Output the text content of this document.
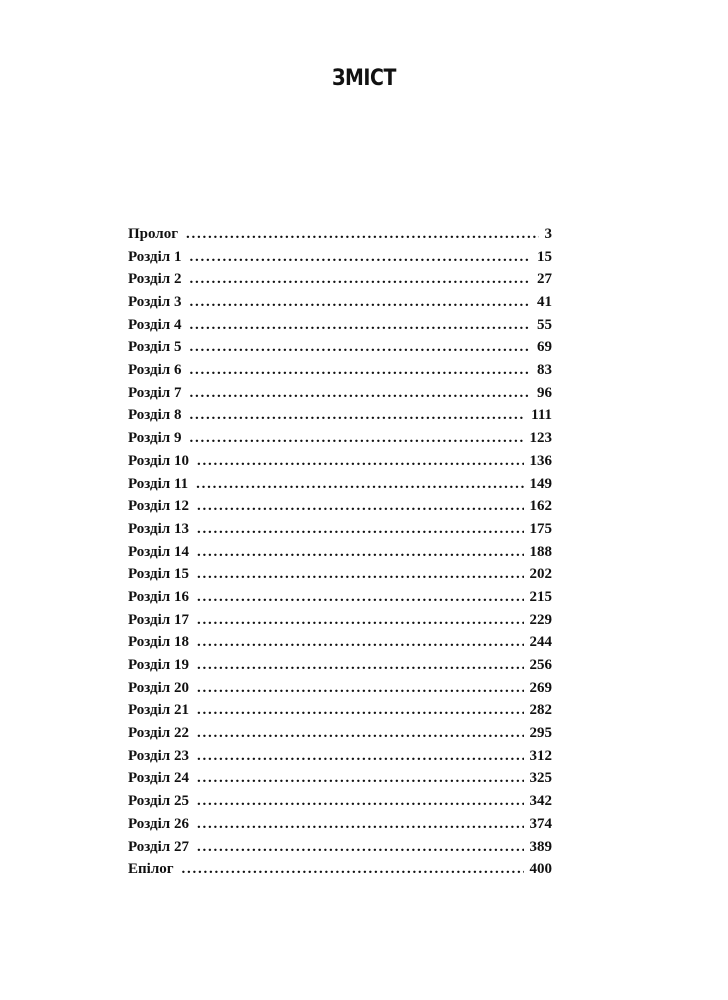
ЗМІСТ
Пролог . . .	3
Розділ 1 . . .	15
Розділ 2 . . .	27
Розділ 3 . . .	41
Розділ 4 . . .	55
Розділ 5 . . .	69
Розділ 6 . . .	83
Розділ 7 . . .	96
Розділ 8 . . .	111
Розділ 9 . . .	123
Розділ 10 . . .	136
Розділ 11 . . .	149
Розділ 12 . . .	162
Розділ 13 . . .	175
Розділ 14 . . .	188
Розділ 15 . . .	202
Розділ 16 . . .	215
Розділ 17 . . .	229
Розділ 18 . . .	244
Розділ 19 . . .	256
Розділ 20 . . .	269
Розділ 21 . . .	282
Розділ 22 . . .	295
Розділ 23 . . .	312
Розділ 24 . . .	325
Розділ 25 . . .	342
Розділ 26 . . .	374
Розділ 27 . . .	389
Епілог . . .	400
